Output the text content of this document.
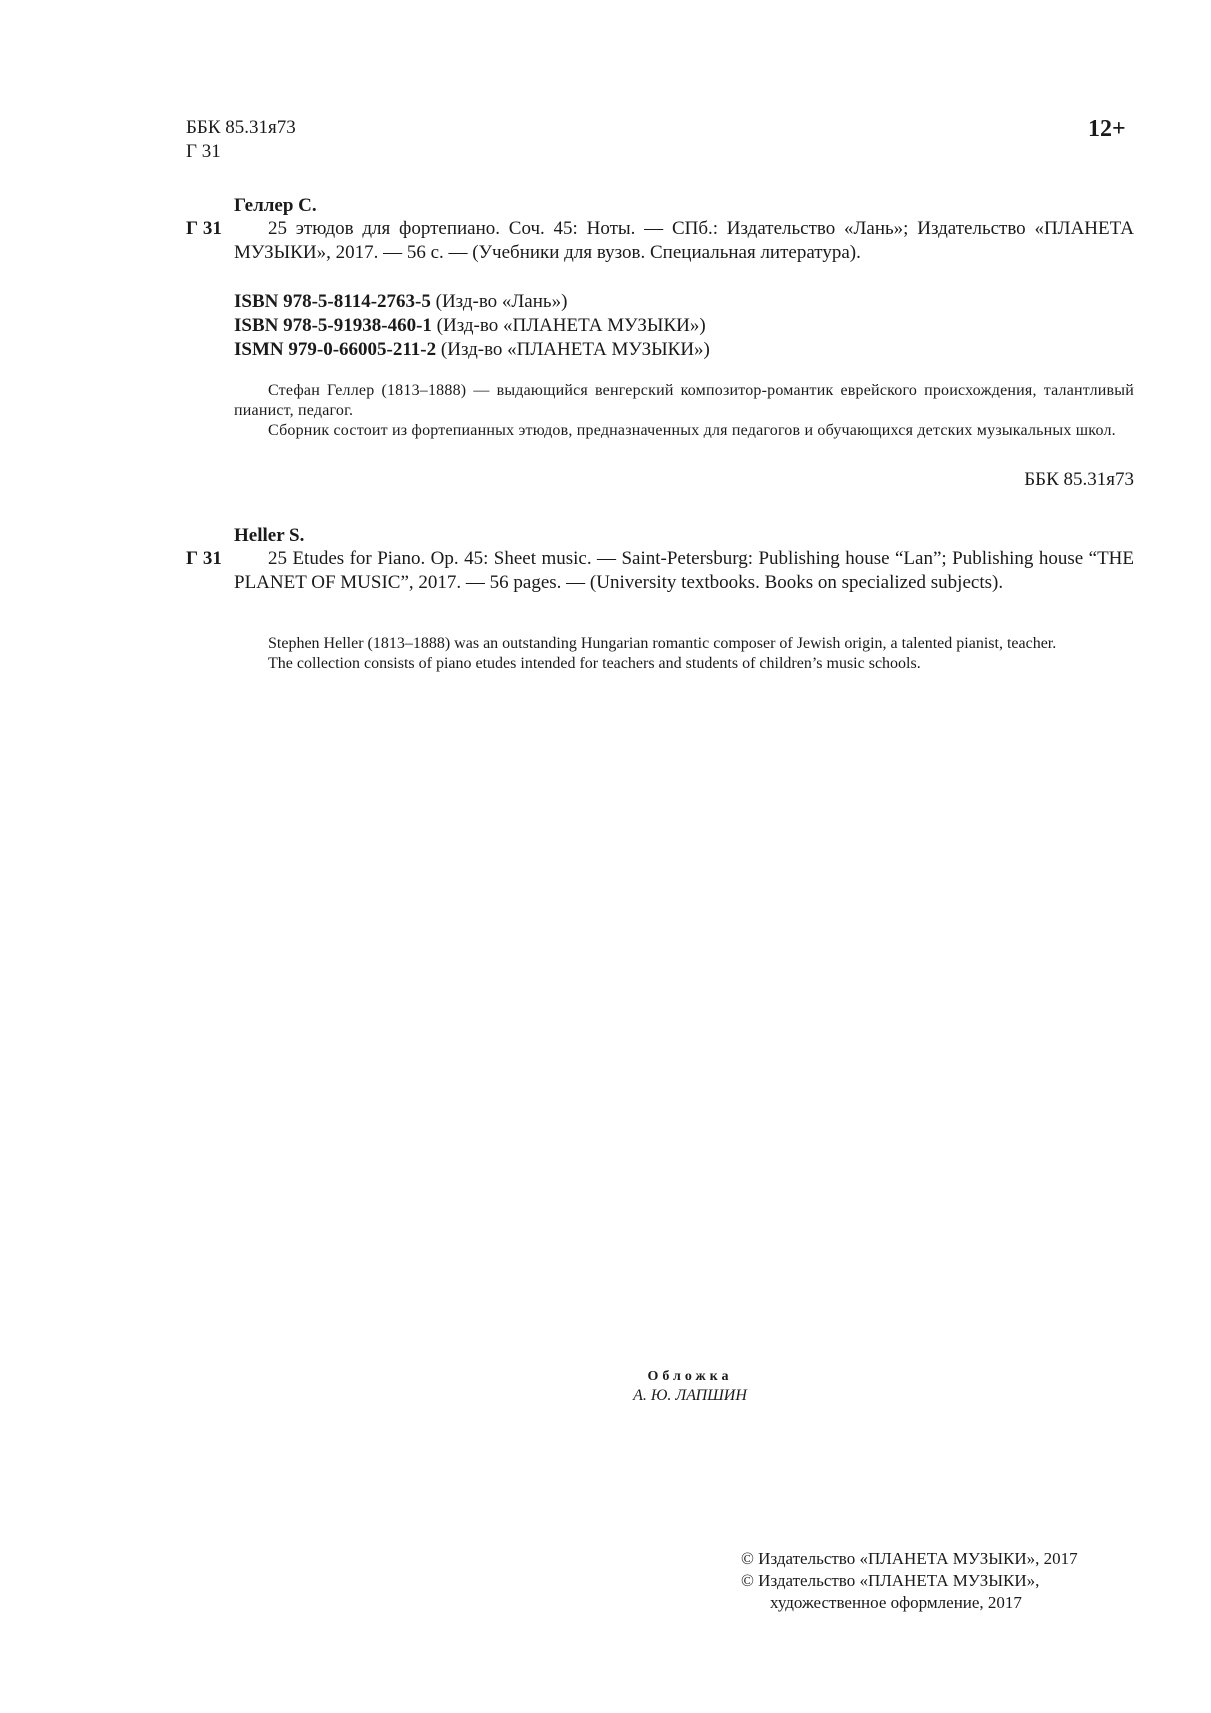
ББК 85.31я73
Г 31
12+
Геллер С.
Г 31	25 этюдов для фортепиано. Соч. 45: Ноты. — СПб.: Издательство «Лань»; Издательство «ПЛАНЕТА МУЗЫКИ», 2017. — 56 с. — (Учебники для вузов. Специальная литература).

ISBN 978-5-8114-2763-5 (Изд-во «Лань»)
ISBN 978-5-91938-460-1 (Изд-во «ПЛАНЕТА МУЗЫКИ»)
ISMN 979-0-66005-211-2 (Изд-во «ПЛАНЕТА МУЗЫКИ»)

Стефан Геллер (1813–1888) — выдающийся венгерский композитор-романтик еврейского происхождения, талантливый пианист, педагог.

Сборник состоит из фортепианных этюдов, предназначенных для педагогов и обучающихся детских музыкальных школ.

ББК 85.31я73
Heller S.
Г 31	25 Etudes for Piano. Op. 45: Sheet music. — Saint-Petersburg: Publishing house “Lan”; Publishing house “THE PLANET OF MUSIC”, 2017. — 56 pages. — (University textbooks. Books on specialized subjects).

Stephen Heller (1813–1888) was an outstanding Hungarian romantic composer of Jewish origin, a talented pianist, teacher.

The collection consists of piano etudes intended for teachers and students of children’s music schools.

Обложка
А. Ю. ЛАПШИН
© Издательство «ПЛАНЕТА МУЗЫКИ», 2017
© Издательство «ПЛАНЕТА МУЗЫКИ»,
художественное оформление, 2017
